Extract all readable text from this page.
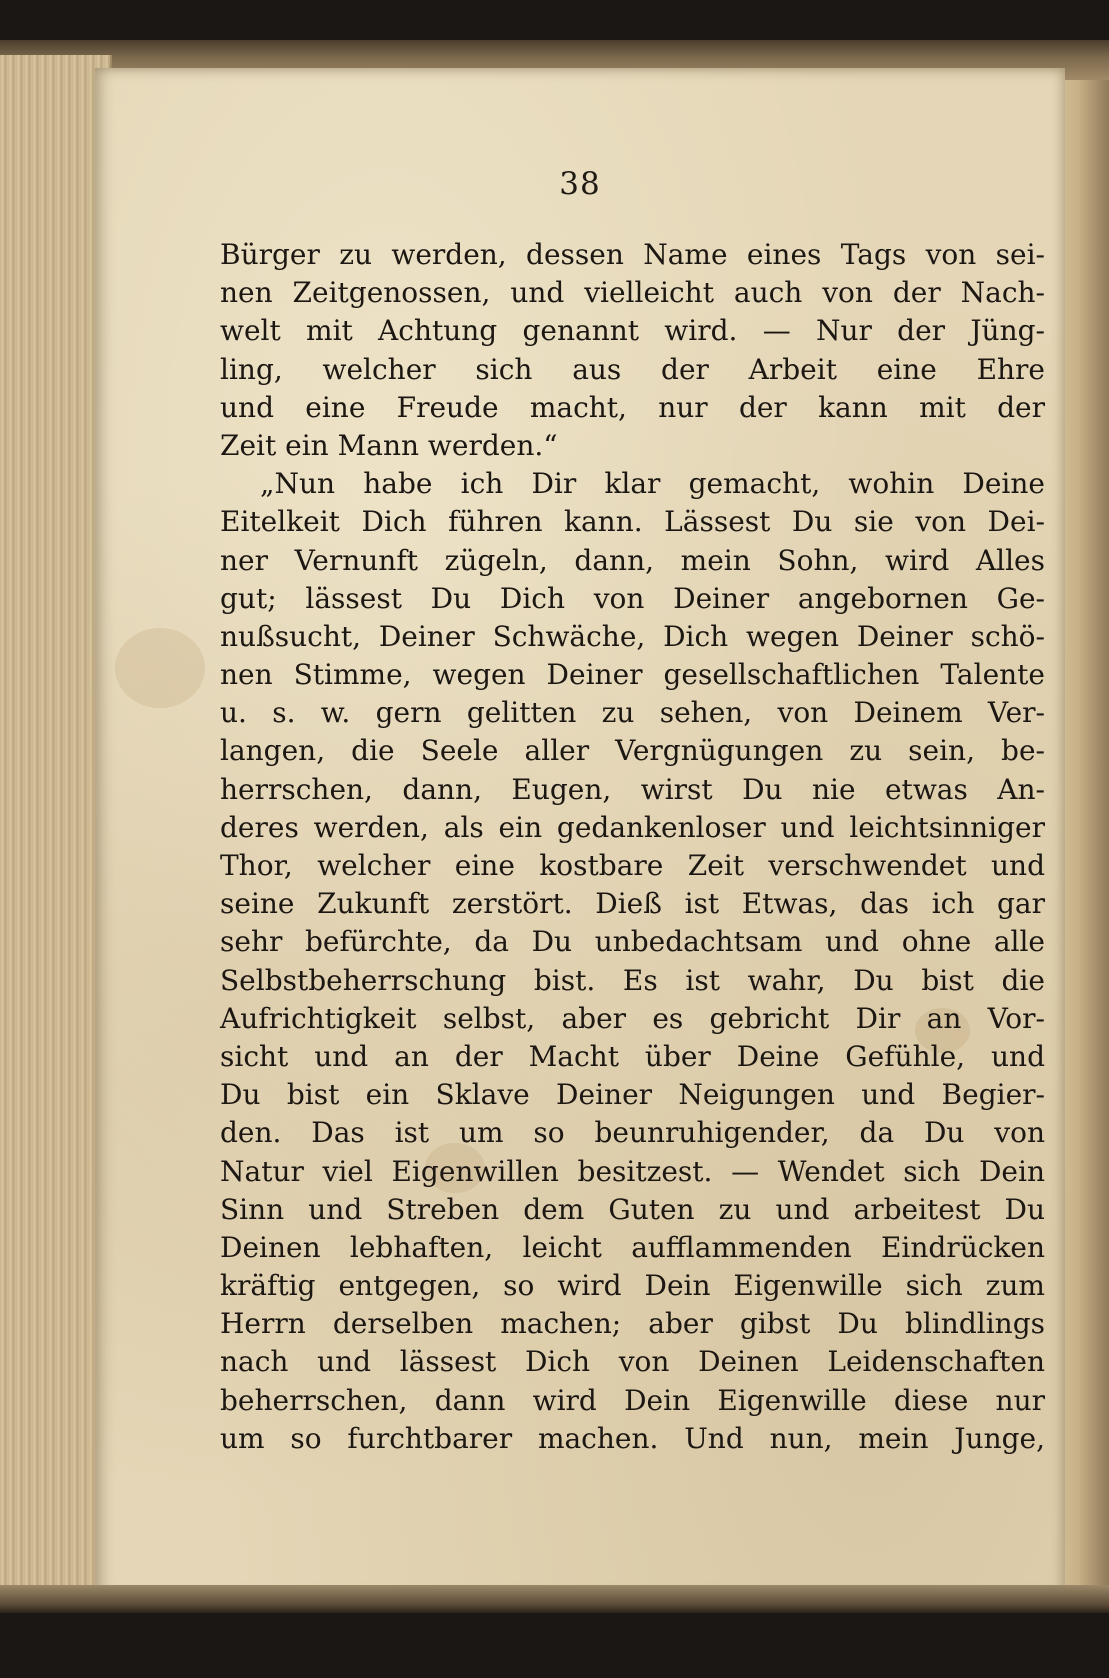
38
Bürger zu werden, dessen Name eines Tags von sei-
nen Zeitgenossen, und vielleicht auch von der Nach-
welt mit Achtung genannt wird. — Nur der Jüng-
ling, welcher sich aus der Arbeit eine Ehre
und eine Freude macht, nur der kann mit der
Zeit ein Mann werden.“
„Nun habe ich Dir klar gemacht, wohin Deine
Eitelkeit Dich führen kann. Lässest Du sie von Dei-
ner Vernunft zügeln, dann, mein Sohn, wird Alles
gut; lässest Du Dich von Deiner angebornen Ge-
nußsucht, Deiner Schwäche, Dich wegen Deiner schö-
nen Stimme, wegen Deiner gesellschaftlichen Talente
u. s. w. gern gelitten zu sehen, von Deinem Ver-
langen, die Seele aller Vergnügungen zu sein, be-
herrschen, dann, Eugen, wirst Du nie etwas An-
deres werden, als ein gedankenloser und leichtsinniger
Thor, welcher eine kostbare Zeit verschwendet und
seine Zukunft zerstört. Dieß ist Etwas, das ich gar
sehr befürchte, da Du unbedachtsam und ohne alle
Selbstbeherrschung bist. Es ist wahr, Du bist die
Aufrichtigkeit selbst, aber es gebricht Dir an Vor-
sicht und an der Macht über Deine Gefühle, und
Du bist ein Sklave Deiner Neigungen und Begier-
den. Das ist um so beunruhigender, da Du von
Natur viel Eigenwillen besitzest. — Wendet sich Dein
Sinn und Streben dem Guten zu und arbeitest Du
Deinen lebhaften, leicht aufflammenden Eindrücken
kräftig entgegen, so wird Dein Eigenwille sich zum
Herrn derselben machen; aber gibst Du blindlings
nach und lässest Dich von Deinen Leidenschaften
beherrschen, dann wird Dein Eigenwille diese nur
um so furchtbarer machen. Und nun, mein Junge,
